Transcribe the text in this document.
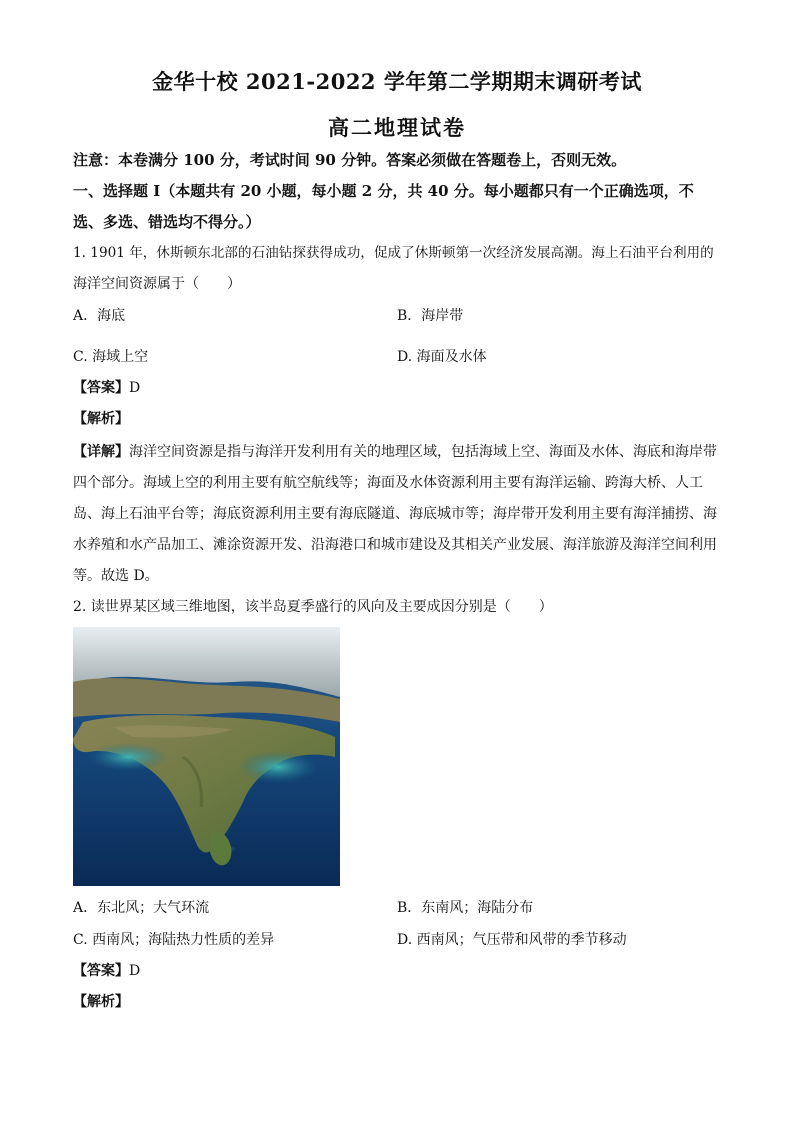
金华十校 2021-2022 学年第二学期期末调研考试
高二地理试卷
注意：本卷满分 100 分，考试时间 90 分钟。答案必须做在答题卷上，否则无效。
一、选择题 I（本题共有 20 小题，每小题 2 分，共 40 分。每小题都只有一个正确选项，不
选、多选、错选均不得分。）
1. 1901 年，休斯顿东北部的石油钻探获得成功，促成了休斯顿第一次经济发展高潮。海上石油平台利用的
海洋空间资源属于（　　）
A．海底	B．海岸带
C. 海域上空	D. 海面及水体
【答案】D
【解析】
【详解】海洋空间资源是指与海洋开发利用有关的地理区域，包括海域上空、海面及水体、海底和海岸带
四个部分。海域上空的利用主要有航空航线等；海面及水体资源利用主要有海洋运输、跨海大桥、人工
岛、海上石油平台等；海底资源利用主要有海底隧道、海底城市等；海岸带开发利用主要有海洋捕捞、海
水养殖和水产品加工、滩涂资源开发、沿海港口和城市建设及其相关产业发展、海洋旅游及海洋空间利用
等。故选 D。
2. 读世界某区域三维地图，该半岛夏季盛行的风向及主要成因分别是（　　）
A．东北风；大气环流	B．东南风；海陆分布
C. 西南风；海陆热力性质的差异	D. 西南风；气压带和风带的季节移动
【答案】D
【解析】
